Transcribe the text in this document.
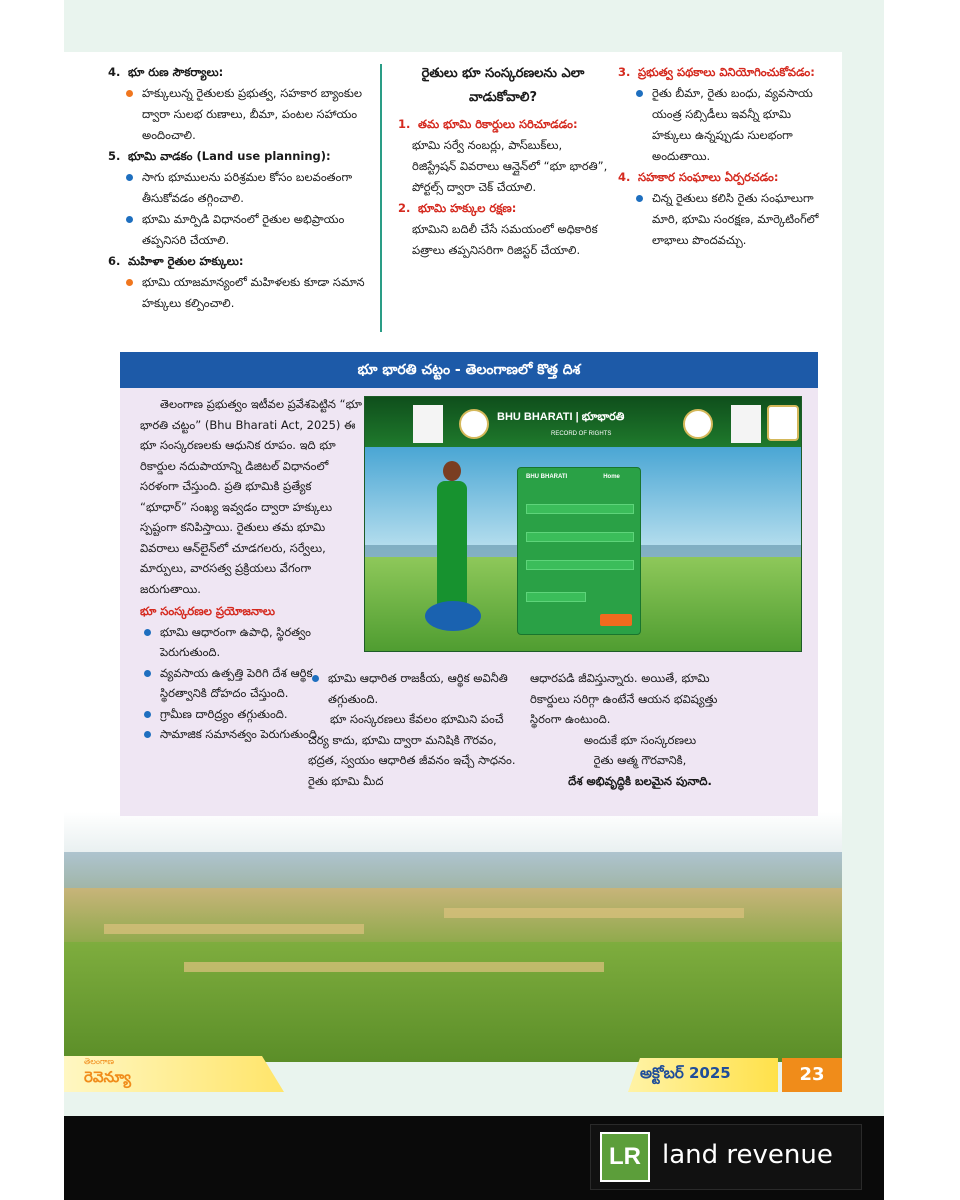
4. భూ రుణ సౌకర్యాలు:
హక్కులున్న రైతులకు ప్రభుత్వ, సహకార బ్యాంకుల ద్వారా సులభ రుణాలు, బీమా, పంటల సహాయం అందించాలి.
5. భూమి వాడకం (Land use planning):
సాగు భూములను పరిశ్రమల కోసం బలవంతంగా తీసుకోవడం తగ్గించాలి.
భూమి మార్పిడి విధానంలో రైతుల అభిప్రాయం తప్పనిసరి చేయాలి.
6. మహిళా రైతుల హక్కులు:
భూమి యాజమాన్యంలో మహిళలకు కూడా సమాన హక్కులు కల్పించాలి.
రైతులు భూ సంస్కరణలను ఎలా వాడుకోవాలి?
1. తమ భూమి రికార్డులు సరిచూడడం:
భూమి సర్వే నంబర్లు, పాస్‌బుక్‌లు, రిజిస్ట్రేషన్ వివరాలు ఆన్లైన్‌లో “భూ భారతి”, పోర్టల్స్ ద్వారా చెక్ చేయాలి.
2. భూమి హక్కుల రక్షణ:
భూమిని బదిలీ చేసే సమయంలో అధికారిక పత్రాలు తప్పనిసరిగా రిజిస్టర్ చేయాలి.
3. ప్రభుత్వ పథకాలు వినియోగించుకోవడం:
రైతు బీమా, రైతు బంధు, వ్యవసాయ యంత్ర సబ్సిడీలు ఇవన్నీ భూమి హక్కులు ఉన్నప్పుడు సులభంగా అందుతాయి.
4. సహకార సంఘాలు ఏర్పరచడం:
చిన్న రైతులు కలిసి రైతు సంఘాలుగా మారి, భూమి సంరక్షణ, మార్కెటింగ్‌లో లాభాలు పొందవచ్చు.
భూ భారతి చట్టం - తెలంగాణలో కొత్త దిశ
తెలంగాణ ప్రభుత్వం ఇటీవల ప్రవేశపెట్టిన “భూ భారతి చట్టం” (Bhu Bharati Act, 2025) ఈ భూ సంస్కరణలకు ఆధునిక రూపం. ఇది భూ రికార్డుల నదుపాయాన్ని డిజిటల్ విధానంలో సరళంగా చేస్తుంది. ప్రతి భూమికి ప్రత్యేక “భూధార్” సంఖ్య ఇవ్వడం ద్వారా హక్కులు స్పష్టంగా కనిపిస్తాయి. రైతులు తమ భూమి వివరాలు ఆన్‌లైన్‌లో చూడగలరు, సర్వేలు, మార్పులు, వారసత్వ ప్రక్రియలు వేగంగా జరుగుతాయి.
భూ సంస్కరణల ప్రయోజనాలు
భూమి ఆధారంగా ఉపాధి, స్థిరత్వం పెరుగుతుంది.
వ్యవసాయ ఉత్పత్తి పెరిగి దేశ ఆర్థిక స్థిరత్వానికి దోహదం చేస్తుంది.
గ్రామీణ దారిద్ర్యం తగ్గుతుంది.
సామాజిక సమానత్వం పెరుగుతుంది.
BHU BHARATI | భూభారతి
RECORD OF RIGHTS
BHU BHARATI	Home
భూమి ఆధారిత రాజకీయ, ఆర్థిక అవినీతి తగ్గుతుంది.
భూ సంస్కరణలు కేవలం భూమిని పంచే చర్య కాదు, భూమి ద్వారా మనిషికి గౌరవం, భద్రత, స్వయం ఆధారిత జీవనం ఇచ్చే సాధనం. రైతు భూమి మీద
ఆధారపడి జీవిస్తున్నారు. అయితే, భూమి రికార్డులు సరిగ్గా ఉంటేనే ఆయన భవిష్యత్తు స్థిరంగా ఉంటుంది.
అందుకే భూ సంస్కరణలు
రైతు ఆత్మ గౌరవానికి,
దేశ అభివృద్ధికి బలమైన పునాది.
తెలంగాణ
రెవెన్యూ	అక్టోబర్ 2025	23
LR land revenue
